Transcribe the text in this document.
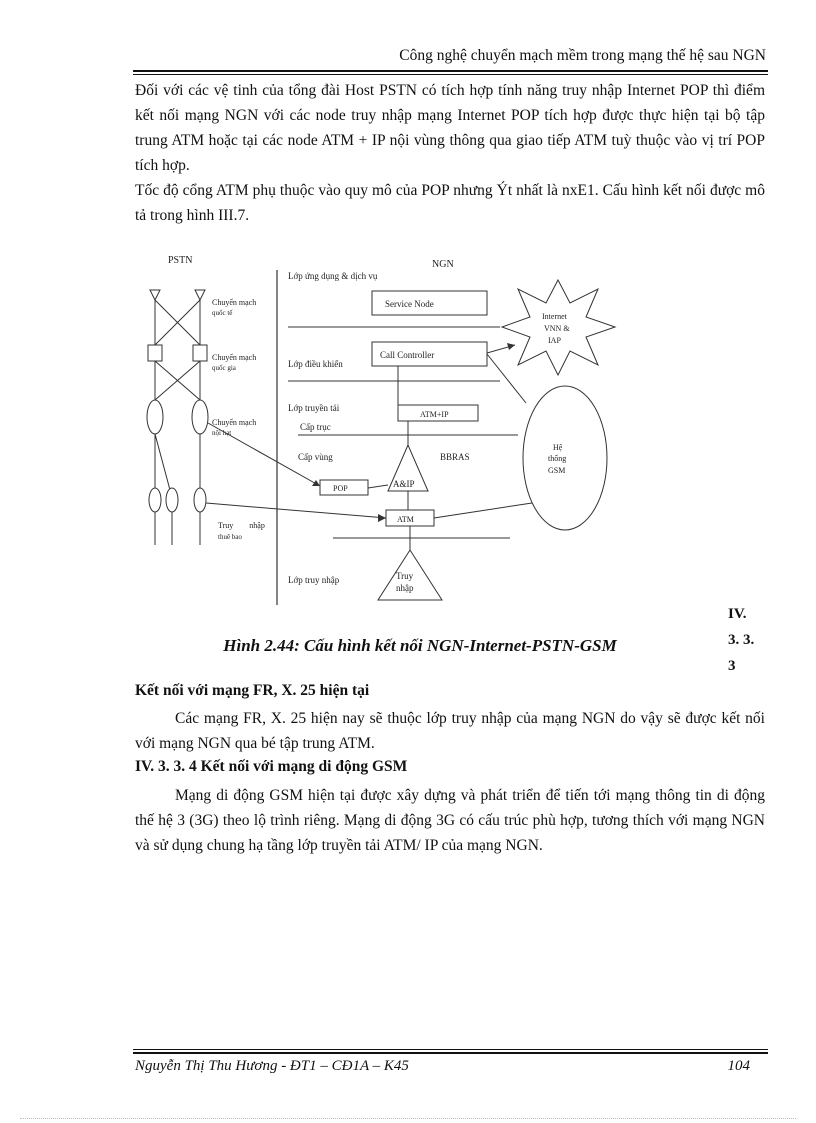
Công nghệ chuyển mạch mềm trong mạng thế hệ sau NGN

Đối với các vệ tinh của tổng đài Host PSTN có tích hợp tính năng truy nhập Internet POP thì điểm kết nối mạng NGN với các node truy nhập mạng Internet POP tích hợp được thực hiện tại bộ tập trung ATM hoặc tại các node ATM + IP nội vùng thông qua giao tiếp ATM tuỳ thuộc vào vị trí POP tích hợp.

Tốc độ cổng ATM phụ thuộc vào quy mô của POP nhưng Ýt nhất là nxE1. Cấu hình kết nối được mô tả trong hình III.7.

PSTN
Chuyển mạch
quốc tế
Chuyển mạch
quốc gia
Chuyển mạch
nội hạt
Truy        nhập
thuê bao
NGN
Lớp ứng dụng & dịch vụ
Service Node
Lớp điều khiển
Call Controller
Lớp truyền tải
ATM+IP
Cấp trục
Cấp vùng	BBRAS
A&IP
POP
ATM
Truy
nhập
Lớp truy nhập
Internet
VNN &
IAP
Hệ
thống
GSM
IV.
3. 3.
3
Hình 2.44: Cấu hình kết nối NGN-Internet-PSTN-GSM
Kết nối với mạng FR, X. 25 hiện tại

Các mạng FR, X. 25 hiện nay sẽ thuộc lớp truy nhập của mạng NGN do vậy sẽ được kết nối với mạng NGN qua bé tập trung ATM.

IV. 3. 3. 4 Kết nối với mạng di động GSM

Mạng di động GSM hiện tại được xây dựng và phát triển để tiến tới mạng thông tin di động thế hệ 3 (3G) theo lộ trình riêng. Mạng di động 3G có cấu trúc phù hợp, tương thích với mạng NGN và sử dụng chung hạ tầng lớp truyền tải ATM/ IP của mạng NGN.

Nguyễn Thị Thu Hương - ĐT1 – CĐ1A – K45	104
